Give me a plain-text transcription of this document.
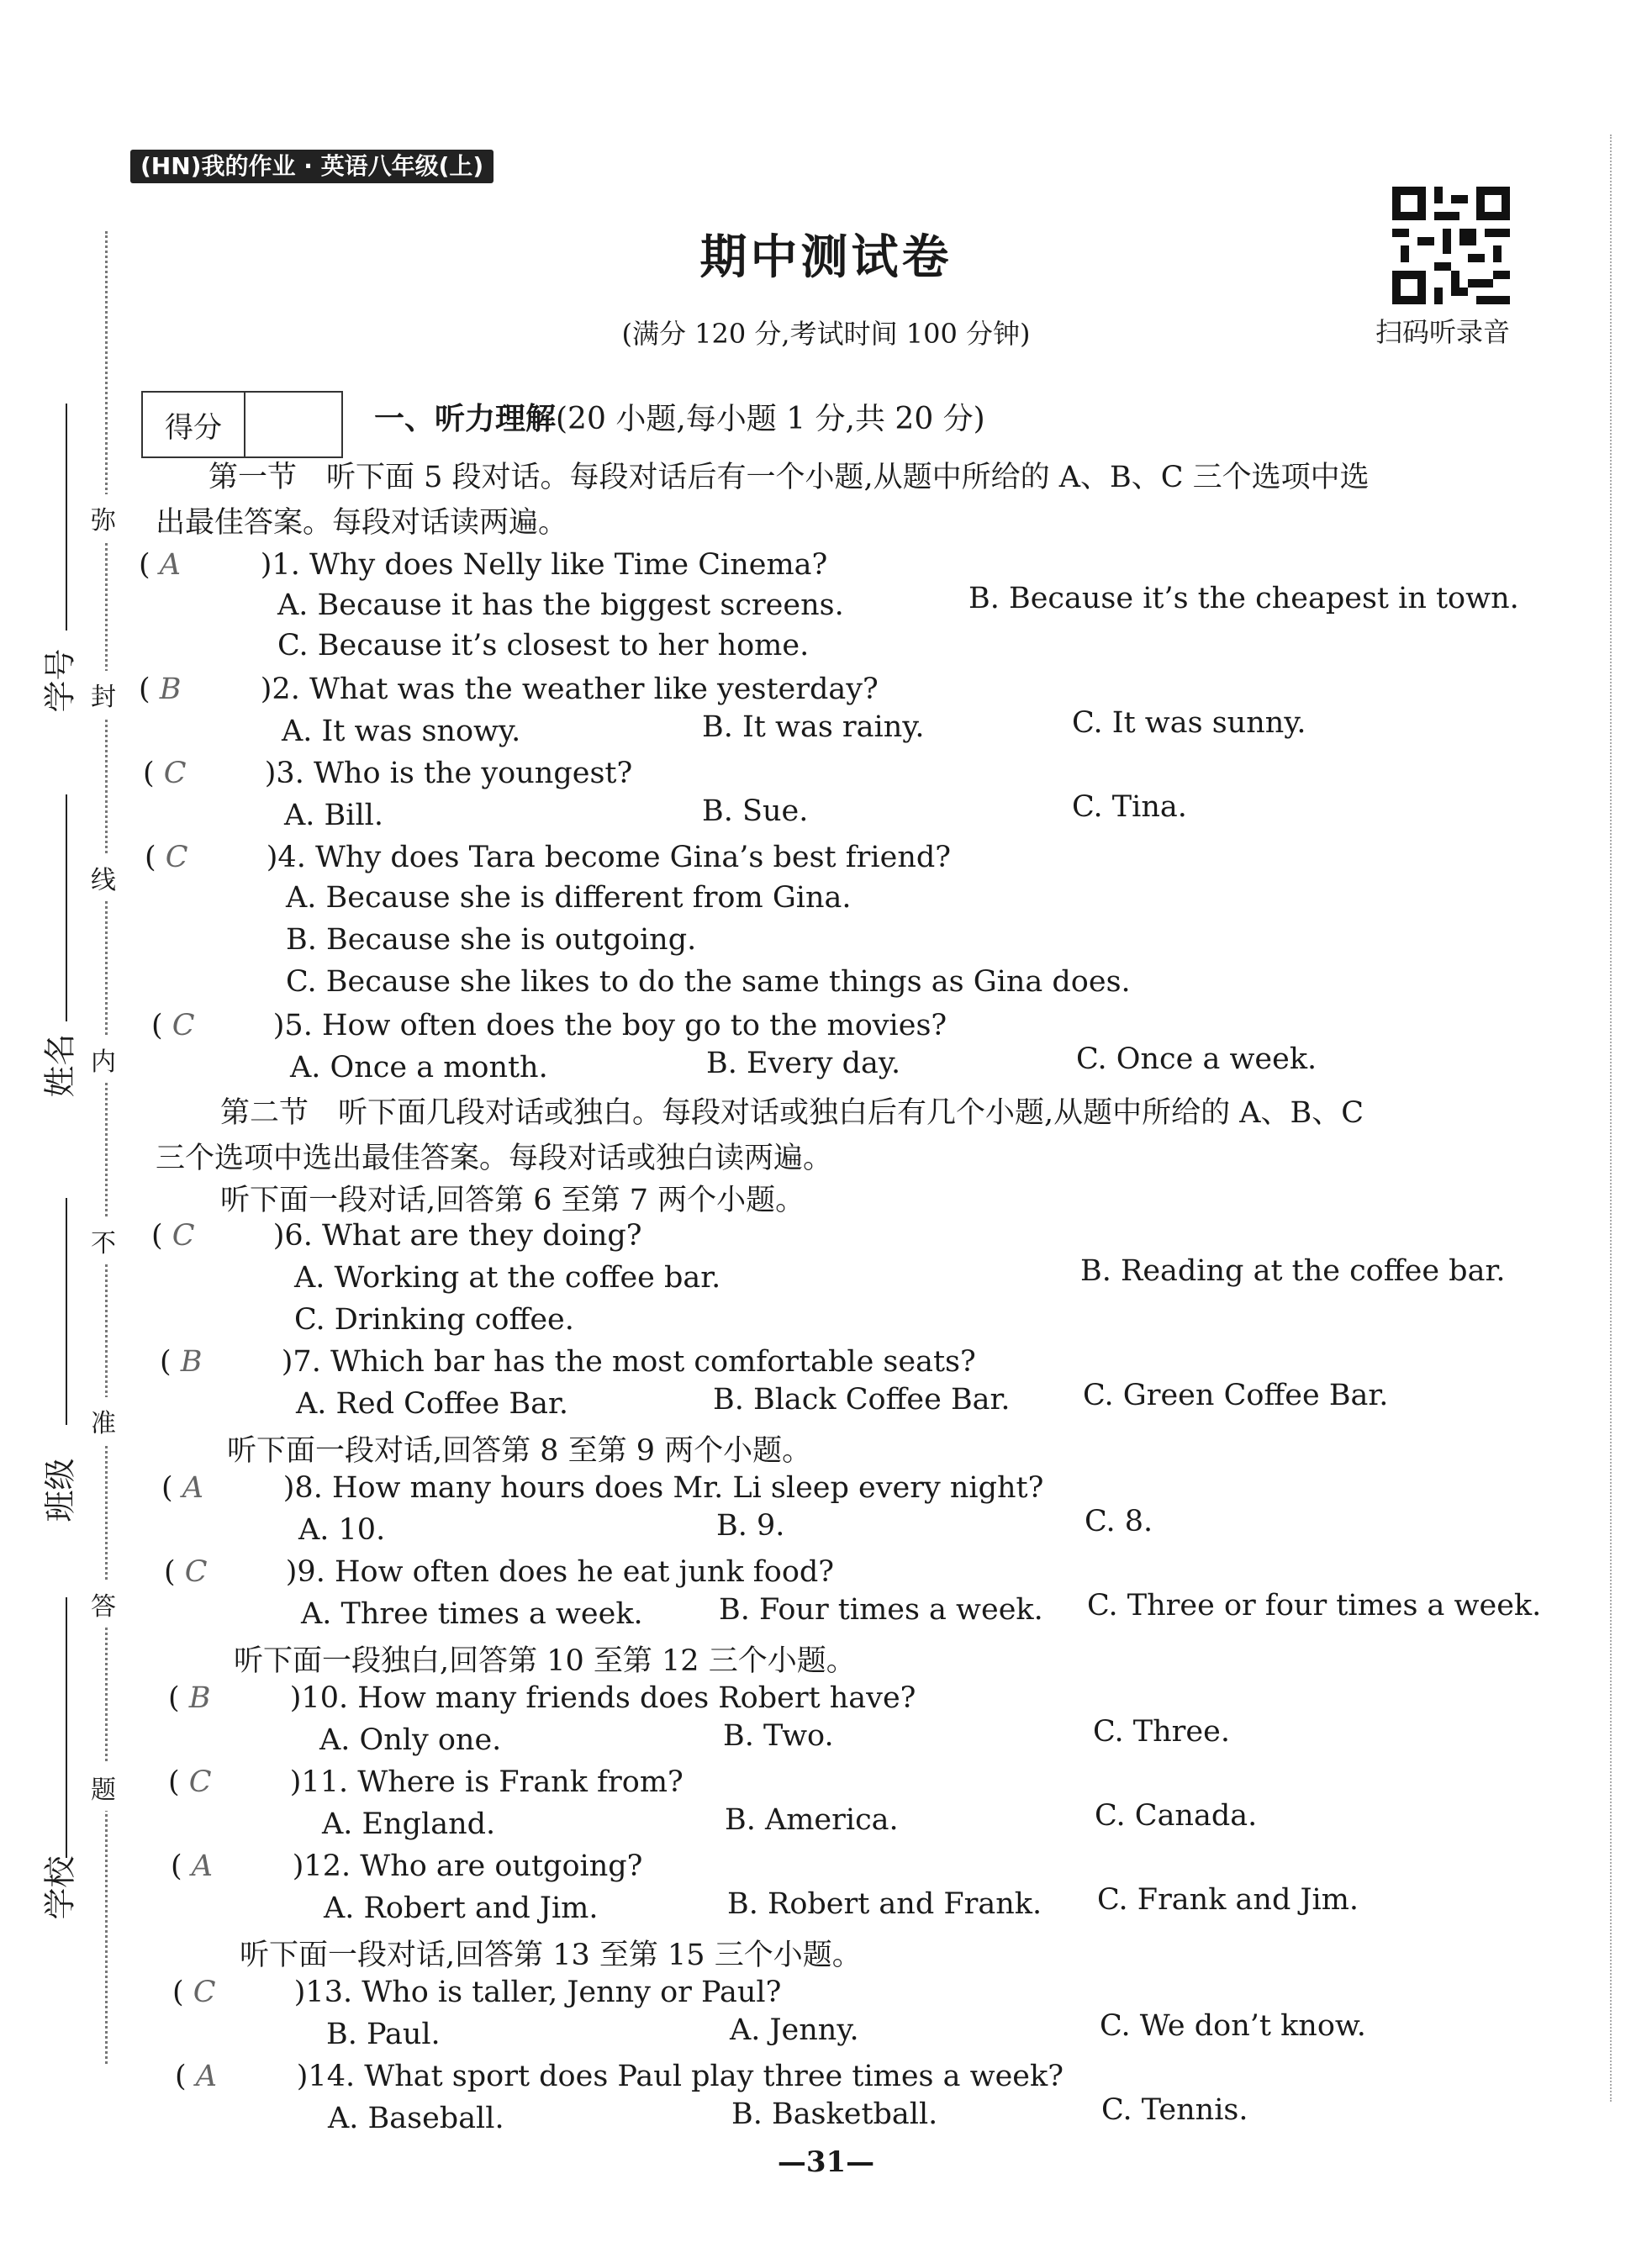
弥
封
线
内
不
准
答
题
学号
姓名
班级
学校
(HN)我的作业 · 英语八年级(上)
期中测试卷
(满分 120 分,考试时间 100 分钟)	扫码听录音
得分	一、听力理解(20 小题,每小题 1 分,共 20 分)
第一节　听下面 5 段对话。每段对话后有一个小题,从题中所给的 A、B、C 三个选项中选
出最佳答案。每段对话读两遍。
( A	)1. Why does Nelly like Time Cinema?
A. Because it has the biggest screens.	B. Because it’s the cheapest in town.
C. Because it’s closest to her home.
( B	)2. What was the weather like yesterday?
A. It was snowy.	B. It was rainy.	C. It was sunny.
( C	)3. Who is the youngest?
A. Bill.	B. Sue.	C. Tina.
( C	)4. Why does Tara become Gina’s best friend?
A. Because she is different from Gina.
B. Because she is outgoing.
C. Because she likes to do the same things as Gina does.
( C	)5. How often does the boy go to the movies?
A. Once a month.	B. Every day.	C. Once a week.
第二节　听下面几段对话或独白。每段对话或独白后有几个小题,从题中所给的 A、B、C
三个选项中选出最佳答案。每段对话或独白读两遍。
听下面一段对话,回答第 6 至第 7 两个小题。
( C	)6. What are they doing?
A. Working at the coffee bar.	B. Reading at the coffee bar.
C. Drinking coffee.
( B	)7. Which bar has the most comfortable seats?
A. Red Coffee Bar.	B. Black Coffee Bar. C. Green Coffee Bar.
听下面一段对话,回答第 8 至第 9 两个小题。
( A	)8. How many hours does Mr. Li sleep every night?
A. 10.	B. 9.	C. 8.
( C	)9. How often does he eat junk food?
A. Three times a week.	B. Four times a week. C. Three or four times a week.
听下面一段独白,回答第 10 至第 12 三个小题。
( B	)10. How many friends does Robert have?
A. Only one.	B. Two.	C. Three.
( C	)11. Where is Frank from?
A. England.	B. America.	C. Canada.
( A	)12. Who are outgoing?
A. Robert and Jim.	B. Robert and Frank. C. Frank and Jim.
听下面一段对话,回答第 13 至第 15 三个小题。
( C	)13. Who is taller, Jenny or Paul?
B. Paul.	A. Jenny.	C. We don’t know.
( A	)14. What sport does Paul play three times a week?
A. Baseball.	B. Basketball.	C. Tennis.
—31—
